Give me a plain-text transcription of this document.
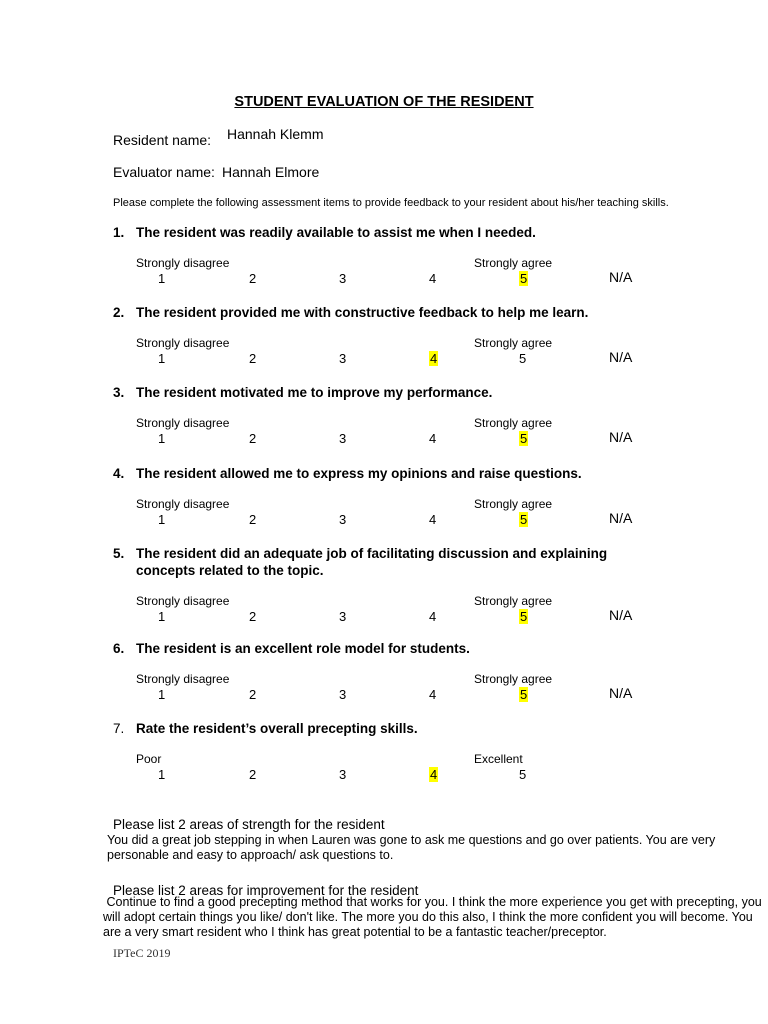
STUDENT EVALUATION OF THE RESIDENT
Resident name: Hannah Klemm
Evaluator name: Hannah Elmore
Please complete the following assessment items to provide feedback to your resident about his/her teaching skills.
1. The resident was readily available to assist me when I needed.
Strongly disagree	Strongly agree
1	2	3	4	5	N/A
2. The resident provided me with constructive feedback to help me learn.
Strongly disagree	Strongly agree
1	2	3	4	5	N/A
3. The resident motivated me to improve my performance.
Strongly disagree	Strongly agree
1	2	3	4	5	N/A
4. The resident allowed me to express my opinions and raise questions.
Strongly disagree	Strongly agree
1	2	3	4	5	N/A
5. The resident did an adequate job of facilitating discussion and explaining concepts related to the topic.
Strongly disagree	Strongly agree
1	2	3	4	5	N/A
6. The resident is an excellent role model for students.
Strongly disagree	Strongly agree
1	2	3	4	5	N/A
7. Rate the resident’s overall precepting skills.
Poor	Excellent
1	2	3	4	5
Please list 2 areas of strength for the resident
You did a great job stepping in when Lauren was gone to ask me questions and go over patients. You are very personable and easy to approach/ ask questions to.
Please list 2 areas for improvement for the resident
IPTeC 2019
Continue to find a good precepting method that works for you. I think the more experience you get with precepting, you will adopt certain things you like/ don't like. The more you do this also, I think the more confident you will become. You are a very smart resident who I think has great potential to be a fantastic teacher/preceptor.
